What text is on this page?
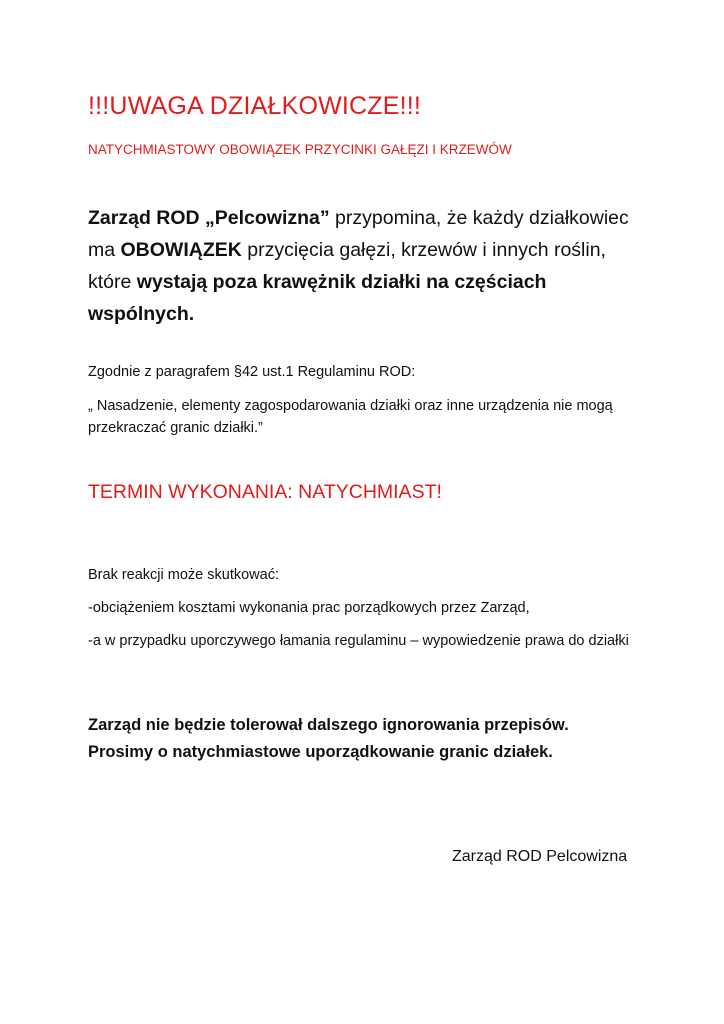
!!!UWAGA DZIAŁKOWICZE!!!
NATYCHMIASTOWY OBOWIĄZEK PRZYCINKI GAŁĘZI I KRZEWÓW

Zarząd ROD „Pelcowizna” przypomina, że każdy działkowiec ma OBOWIĄZEK przycięcia gałęzi, krzewów i innych roślin, które wystają poza krawężnik działki na częściach wspólnych.

Zgodnie z paragrafem §42 ust.1 Regulaminu ROD:

„ Nasadzenie, elementy zagospodarowania działki oraz inne urządzenia nie mogą przekraczać granic działki.”

TERMIN WYKONANIA: NATYCHMIAST!

Brak reakcji może skutkować:

-obciążeniem kosztami wykonania prac porządkowych przez Zarząd,

-a w przypadku uporczywego łamania regulaminu – wypowiedzenie prawa do działki

Zarząd nie będzie tolerował dalszego ignorowania przepisów.
Prosimy o natychmiastowe uporządkowanie granic działek.

Zarząd ROD Pelcowizna
